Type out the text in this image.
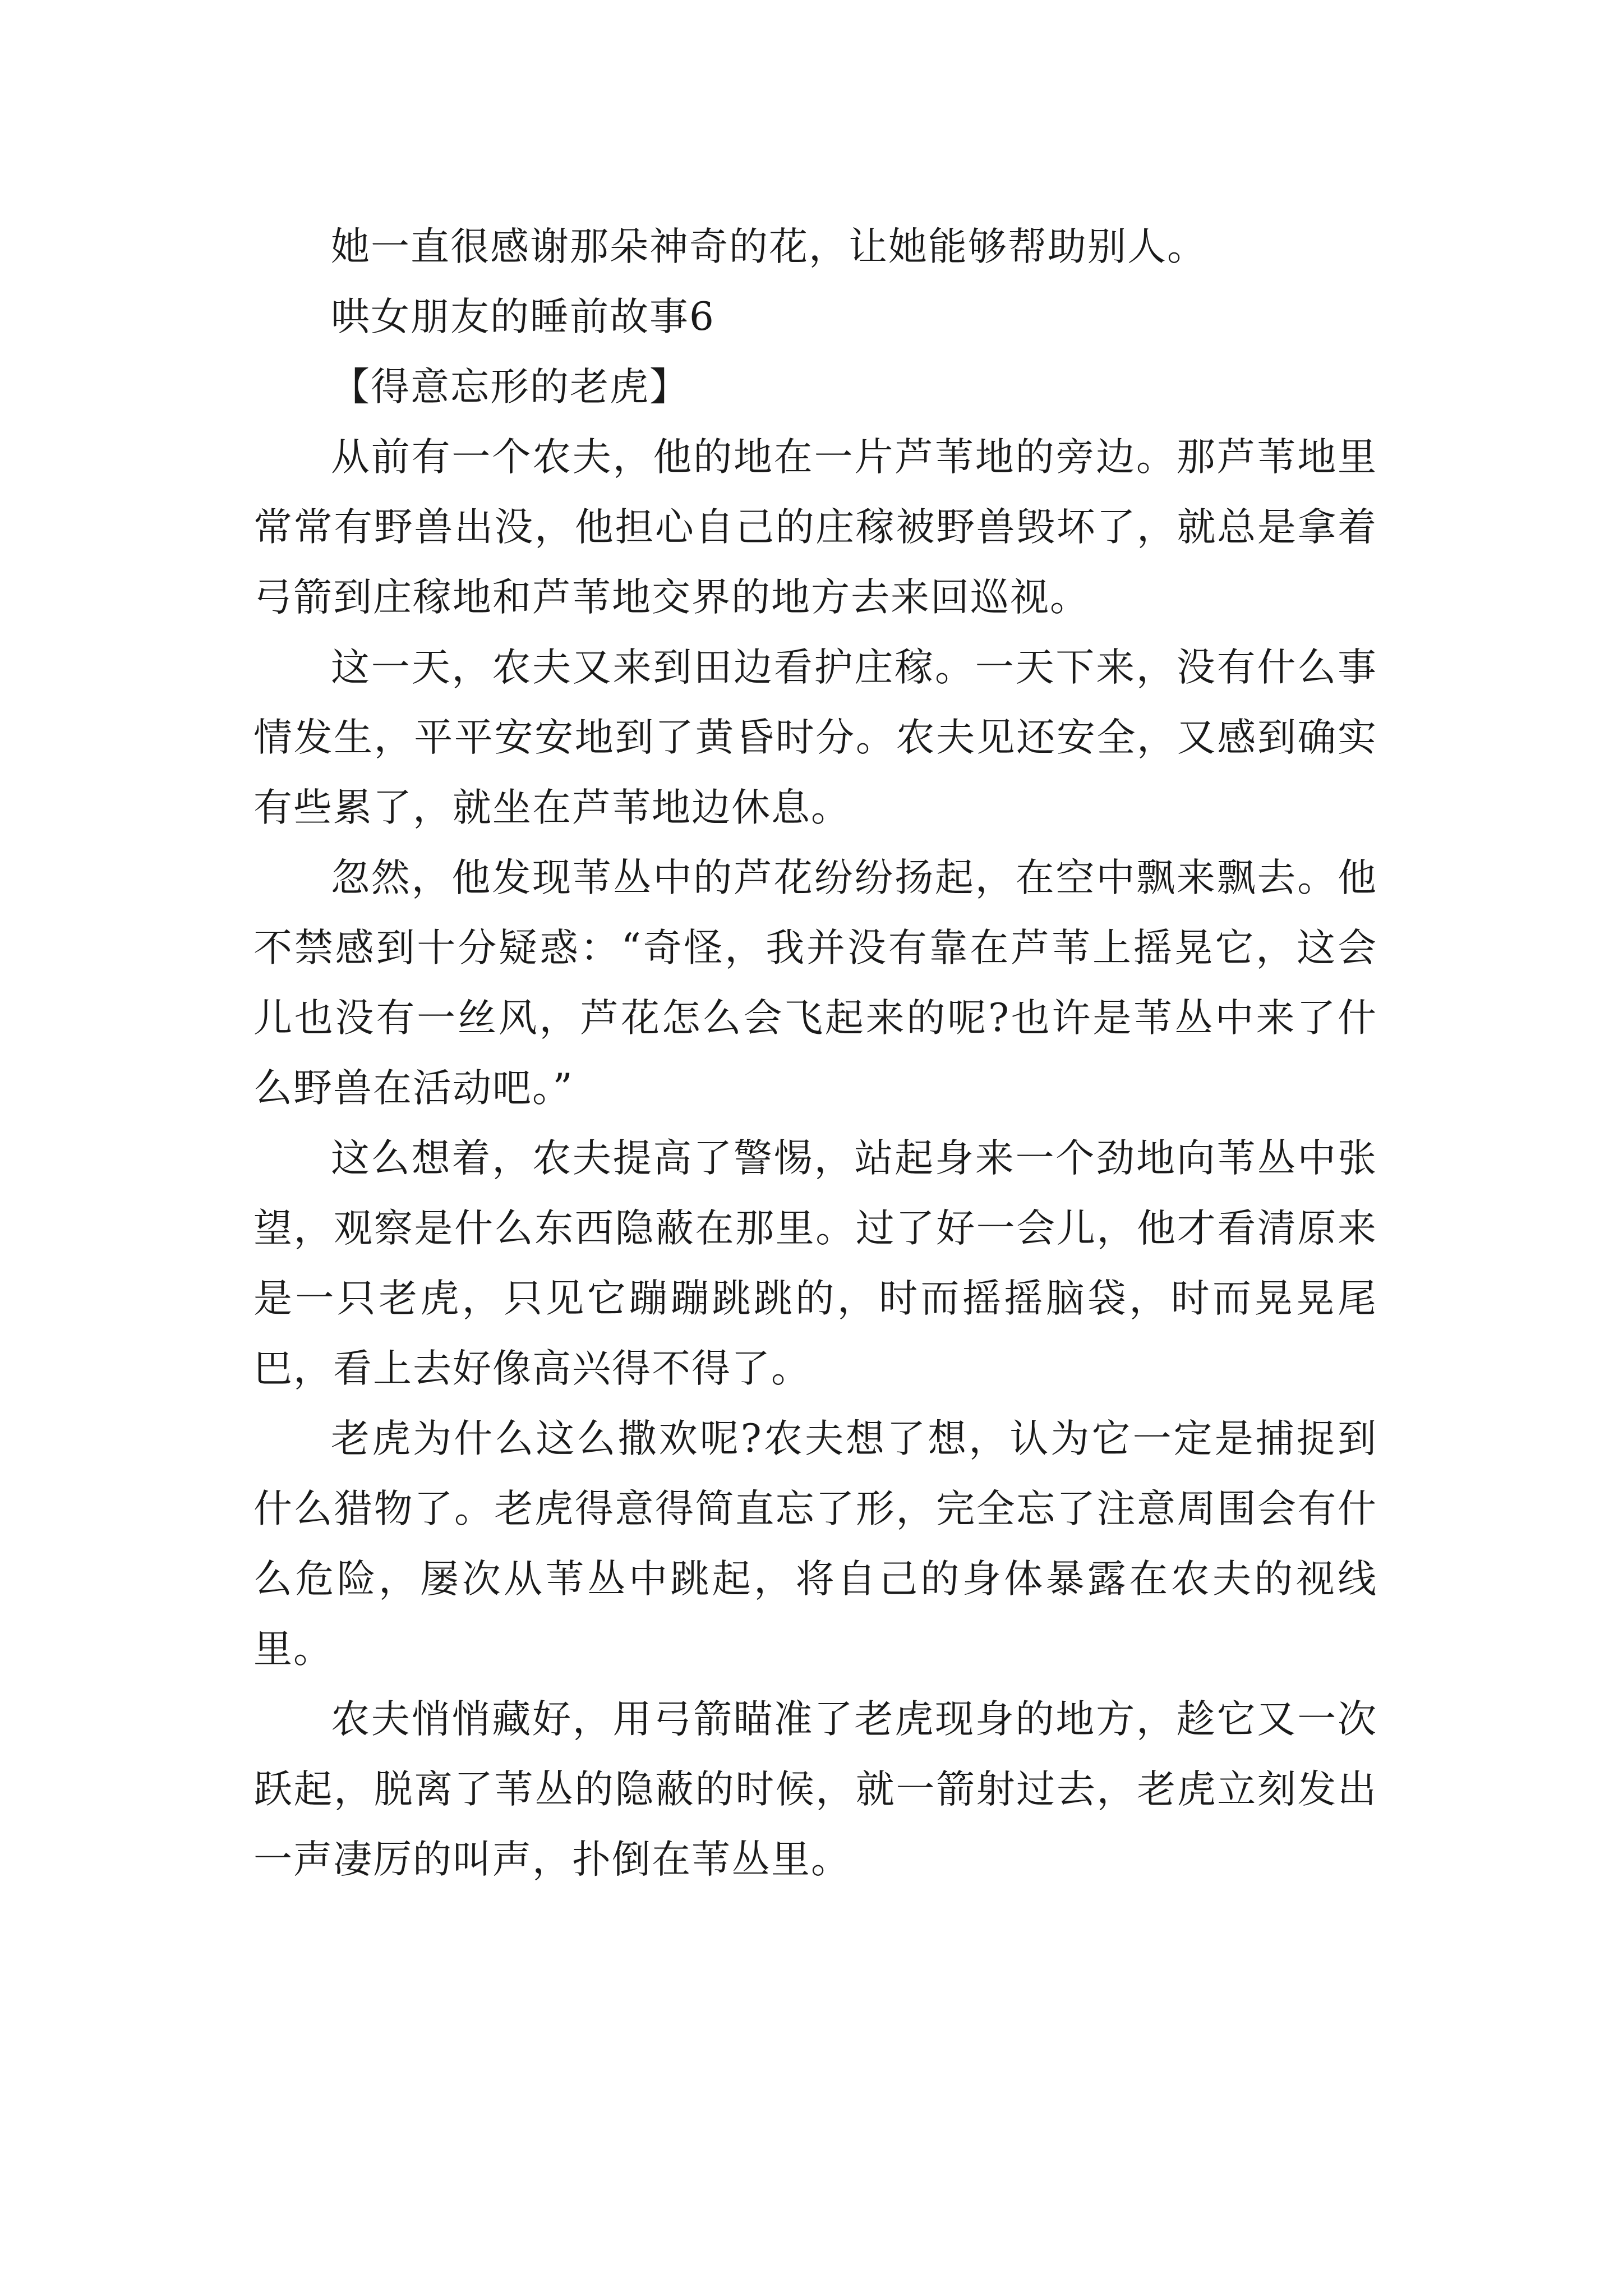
她一直很感谢那朵神奇的花，让她能够帮助别人。

哄女朋友的睡前故事6

【得意忘形的老虎】

从前有一个农夫，他的地在一片芦苇地的旁边。那芦苇地里常常有野兽出没，他担心自己的庄稼被野兽毁坏了，就总是拿着弓箭到庄稼地和芦苇地交界的地方去来回巡视。

这一天，农夫又来到田边看护庄稼。一天下来，没有什么事情发生，平平安安地到了黄昏时分。农夫见还安全，又感到确实有些累了，就坐在芦苇地边休息。

忽然，他发现苇丛中的芦花纷纷扬起，在空中飘来飘去。他不禁感到十分疑惑：“奇怪，我并没有靠在芦苇上摇晃它，这会儿也没有一丝风，芦花怎么会飞起来的呢?也许是苇丛中来了什么野兽在活动吧。”

这么想着，农夫提高了警惕，站起身来一个劲地向苇丛中张望，观察是什么东西隐蔽在那里。过了好一会儿，他才看清原来是一只老虎，只见它蹦蹦跳跳的，时而摇摇脑袋，时而晃晃尾巴，看上去好像高兴得不得了。

老虎为什么这么撒欢呢?农夫想了想，认为它一定是捕捉到什么猎物了。老虎得意得简直忘了形，完全忘了注意周围会有什么危险，屡次从苇丛中跳起，将自己的身体暴露在农夫的视线里。

农夫悄悄藏好，用弓箭瞄准了老虎现身的地方，趁它又一次跃起，脱离了苇丛的隐蔽的时候，就一箭射过去，老虎立刻发出一声凄厉的叫声，扑倒在苇丛里。
